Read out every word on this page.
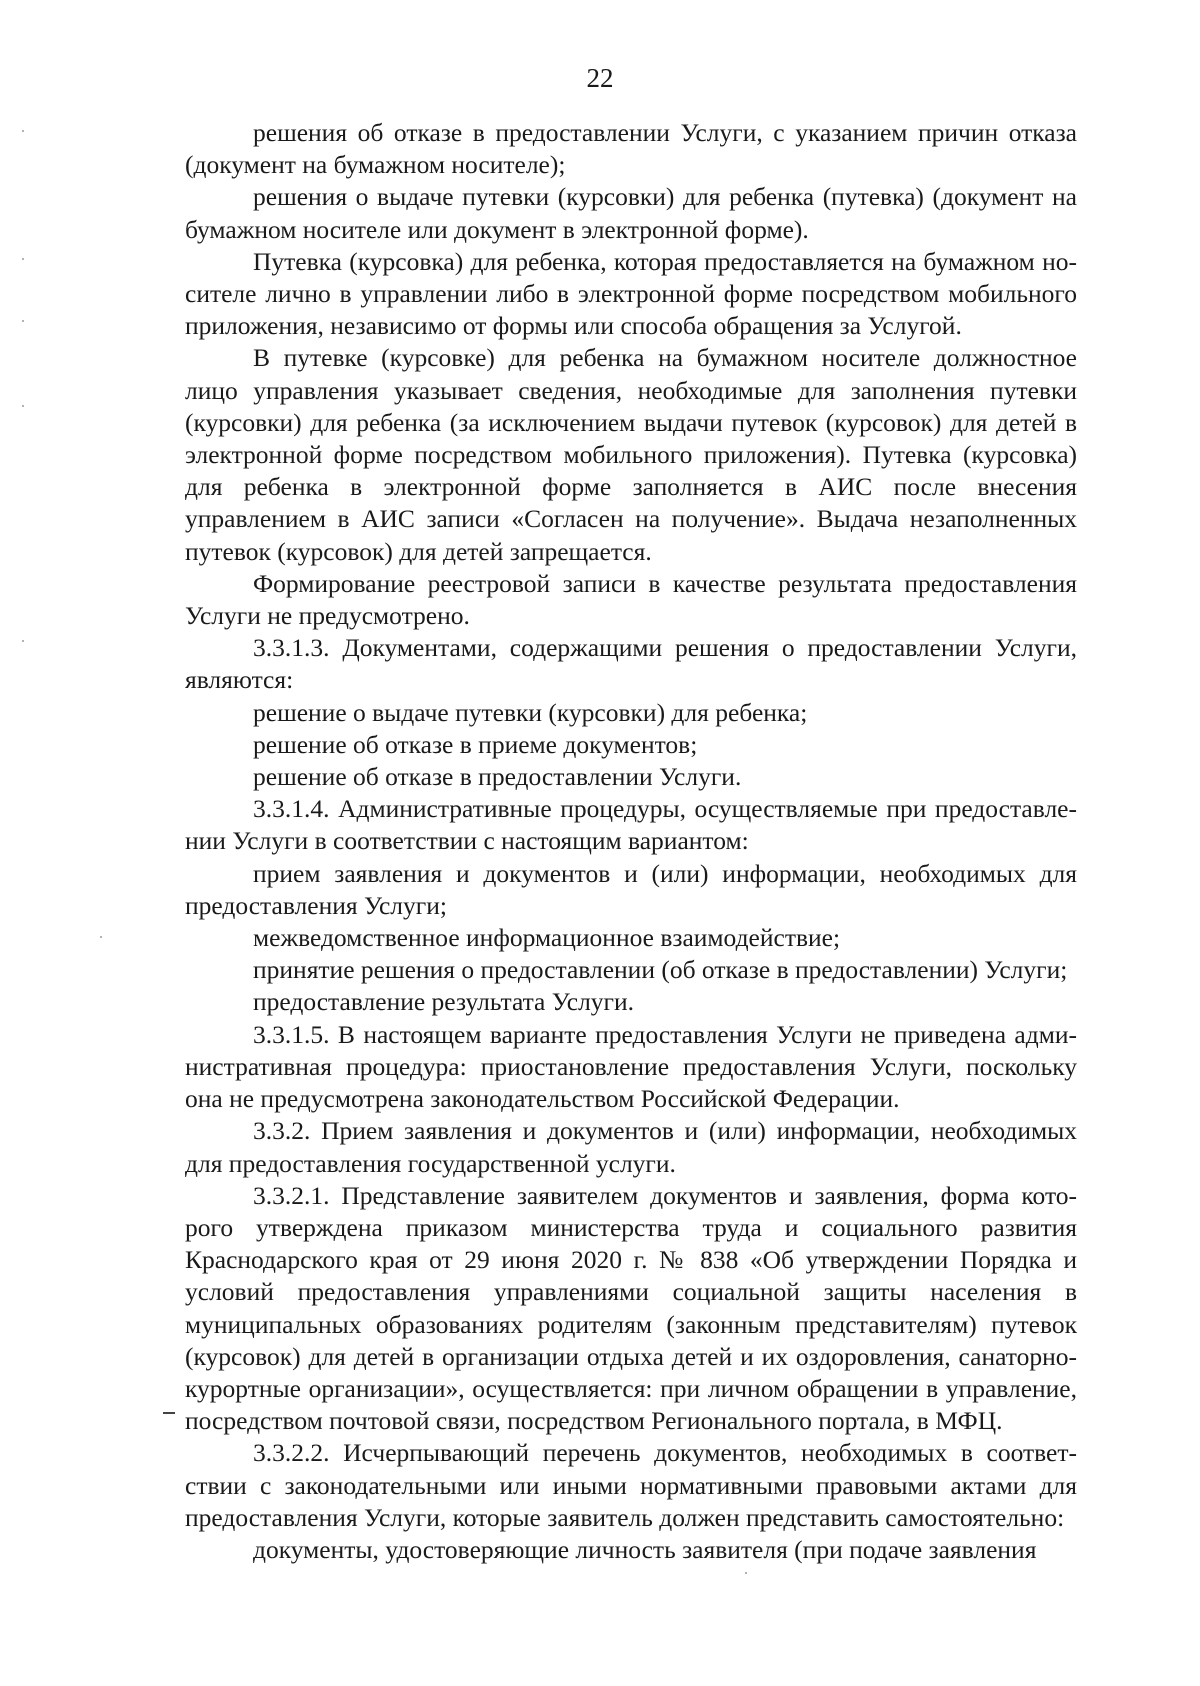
22

решения об отказе в предоставлении Услуги, с указанием причин отказа (документ на бумажном носителе);

решения о выдаче путевки (курсовки) для ребенка (путевка) (документ на бумажном носителе или документ в электронной форме).

Путевка (курсовка) для ребенка, которая предоставляется на бумажном носителе лично в управлении либо в электронной форме посредством мобильного приложения, независимо от формы или способа обращения за Услугой.

В путевке (курсовке) для ребенка на бумажном носителе должностное лицо управления указывает сведения, необходимые для заполнения путевки (курсовки) для ребенка (за исключением выдачи путевок (курсовок) для детей в электронной форме посредством мобильного приложения). Путевка (курсовка) для ребенка в электронной форме заполняется в АИС после внесения управлением в АИС записи «Согласен на получение». Выдача незаполненных путевок (курсовок) для детей запрещается.

Формирование реестровой записи в качестве результата предоставления Услуги не предусмотрено.

3.3.1.3. Документами, содержащими решения о предоставлении Услуги, являются:

решение о выдаче путевки (курсовки) для ребенка;

решение об отказе в приеме документов;

решение об отказе в предоставлении Услуги.

3.3.1.4. Административные процедуры, осуществляемые при предоставлении Услуги в соответствии с настоящим вариантом:

прием заявления и документов и (или) информации, необходимых для предоставления Услуги;

межведомственное информационное взаимодействие;

принятие решения о предоставлении (об отказе в предоставлении) Услуги;

предоставление результата Услуги.

3.3.1.5. В настоящем варианте предоставления Услуги не приведена административная процедура: приостановление предоставления Услуги, поскольку она не предусмотрена законодательством Российской Федерации.

3.3.2. Прием заявления и документов и (или) информации, необходимых для предоставления государственной услуги.

3.3.2.1. Представление заявителем документов и заявления, форма которого утверждена приказом министерства труда и социального развития Краснодарского края от 29 июня 2020 г. № 838 «Об утверждении Порядка и условий предоставления управлениями социальной защиты населения в муниципальных образованиях родителям (законным представителям) путевок (курсовок) для детей в организации отдыха детей и их оздоровления, санаторно-курортные организации», осуществляется: при личном обращении в управление, посредством почтовой связи, посредством Регионального портала, в МФЦ.

3.3.2.2. Исчерпывающий перечень документов, необходимых в соответствии с законодательными или иными нормативными правовыми актами для предоставления Услуги, которые заявитель должен представить самостоятельно:

документы, удостоверяющие личность заявителя (при подаче заявления
